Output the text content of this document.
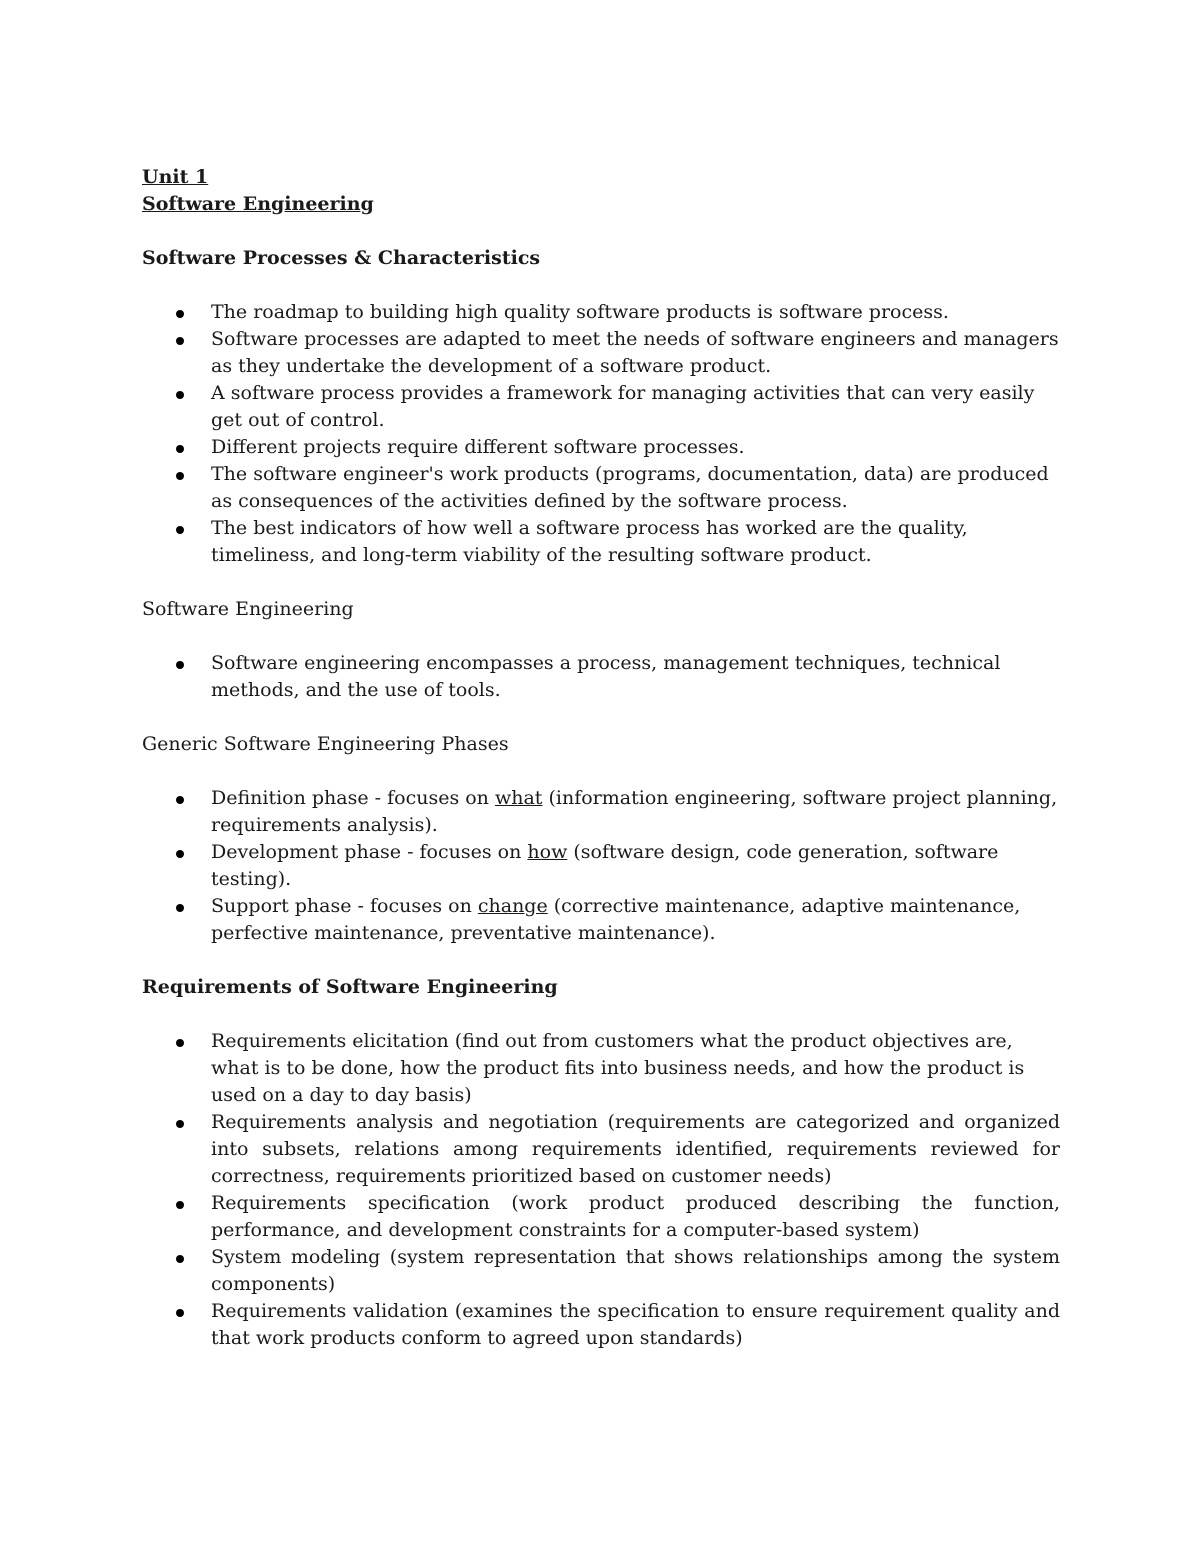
Unit 1

Software Engineering

Software Processes & Characteristics

The roadmap to building high quality software products is software process.
Software processes are adapted to meet the needs of software engineers and managers as they undertake the development of a software product.
A software process provides a framework for managing activities that can very easily get out of control.
Different projects require different software processes.
The software engineer's work products (programs, documentation, data) are produced as consequences of the activities defined by the software process.
The best indicators of how well a software process has worked are the quality, timeliness, and long-term viability of the resulting software product.

Software Engineering

Software engineering encompasses a process, management techniques, technical methods, and the use of tools.

Generic Software Engineering Phases

Definition phase - focuses on what (information engineering, software project planning, requirements analysis).
Development phase - focuses on how (software design, code generation, software testing).
Support phase - focuses on change (corrective maintenance, adaptive maintenance, perfective maintenance, preventative maintenance).

Requirements of Software Engineering

Requirements elicitation (find out from customers what the product objectives are, what is to be done, how the product fits into business needs, and how the product is used on a day to day basis)
Requirements analysis and negotiation (requirements are categorized and organized into subsets, relations among requirements identified, requirements reviewed for correctness, requirements prioritized based on customer needs)
Requirements specification (work product produced describing the function, performance, and development constraints for a computer-based system)
System modeling (system representation that shows relationships among the system components)
Requirements validation (examines the specification to ensure requirement quality and that work products conform to agreed upon standards)
